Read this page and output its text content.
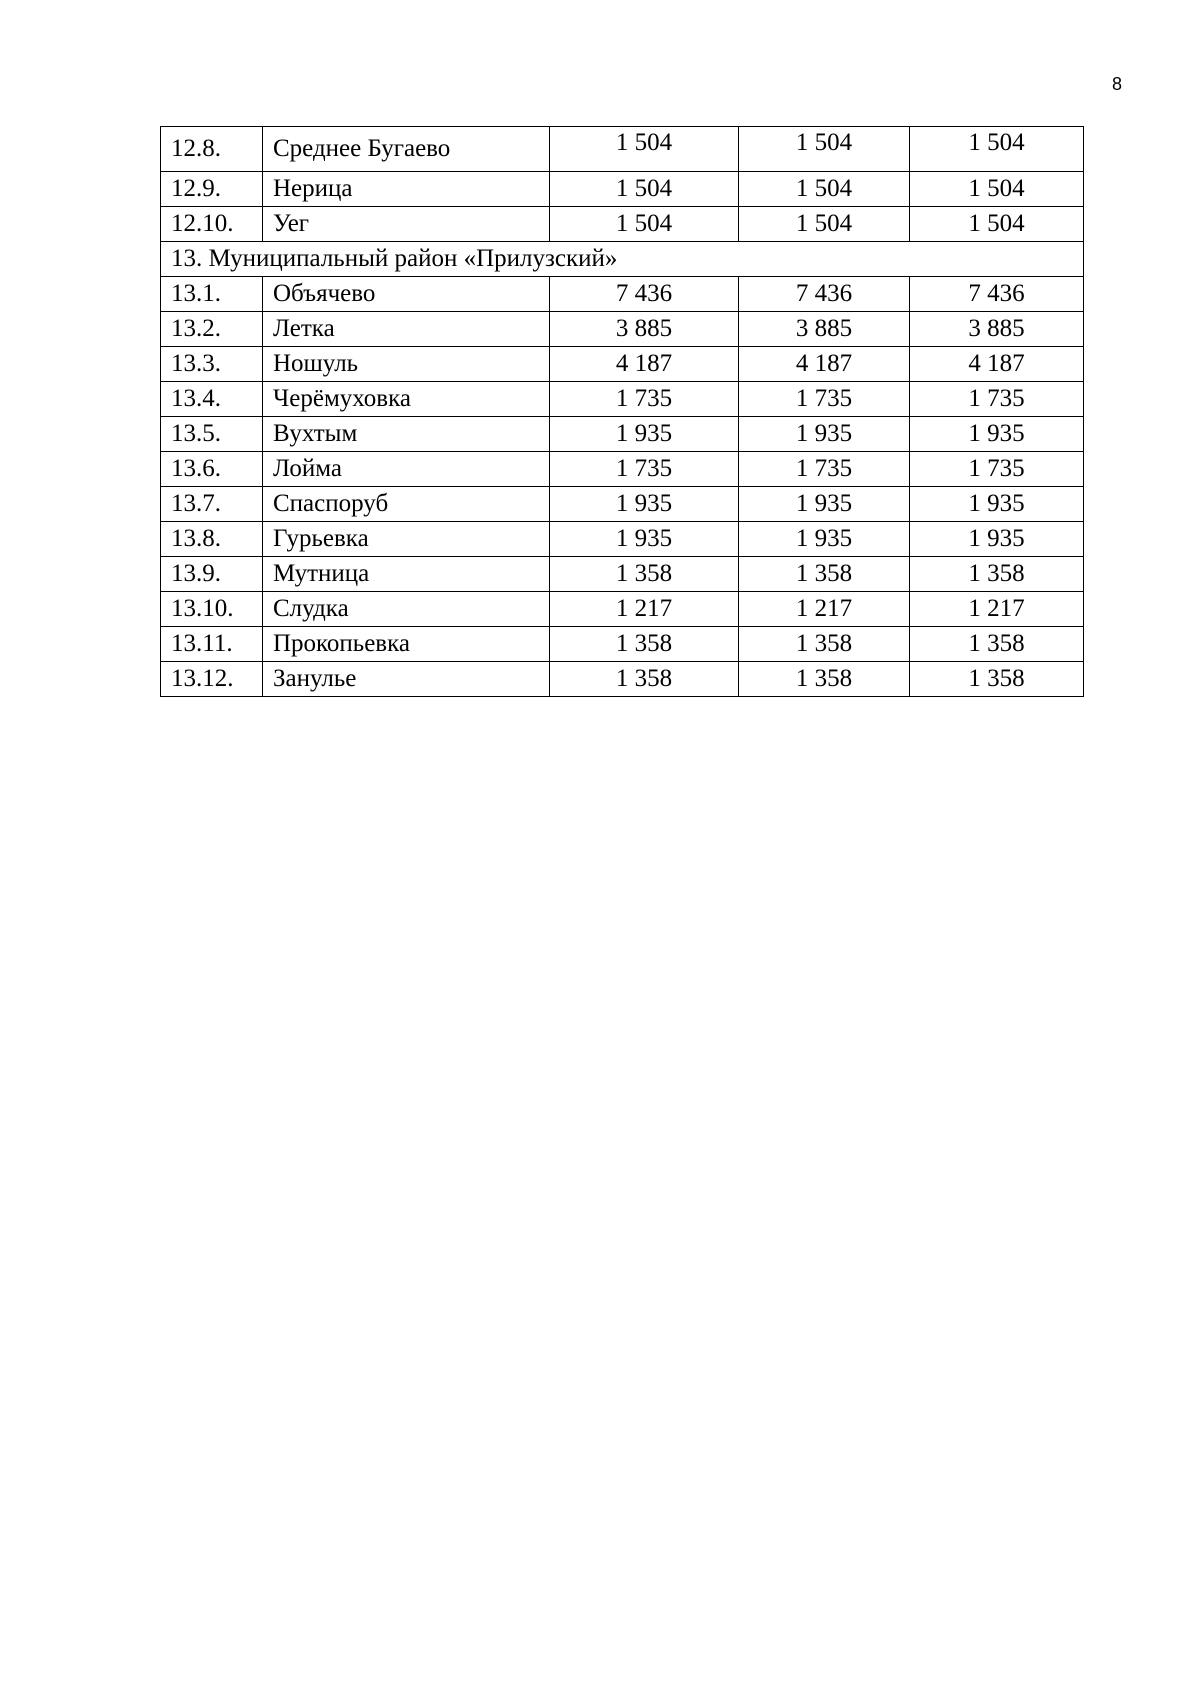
8
12.8.	Среднее Бугаево	1 504	1 504	1 504
12.9.	Нерица	1 504	1 504	1 504
12.10.	Уег	1 504	1 504	1 504
13. Муниципальный район «Прилузский»				
13.1.	Объячево	7 436	7 436	7 436
13.2.	Летка	3 885	3 885	3 885
13.3.	Ношуль	4 187	4 187	4 187
13.4.	Черёмуховка	1 735	1 735	1 735
13.5.	Вухтым	1 935	1 935	1 935
13.6.	Лойма	1 735	1 735	1 735
13.7.	Спаспоруб	1 935	1 935	1 935
13.8.	Гурьевка	1 935	1 935	1 935
13.9.	Мутница	1 358	1 358	1 358
13.10.	Слудка	1 217	1 217	1 217
13.11.	Прокопьевка	1 358	1 358	1 358
13.12.	Занулье	1 358	1 358	1 358
